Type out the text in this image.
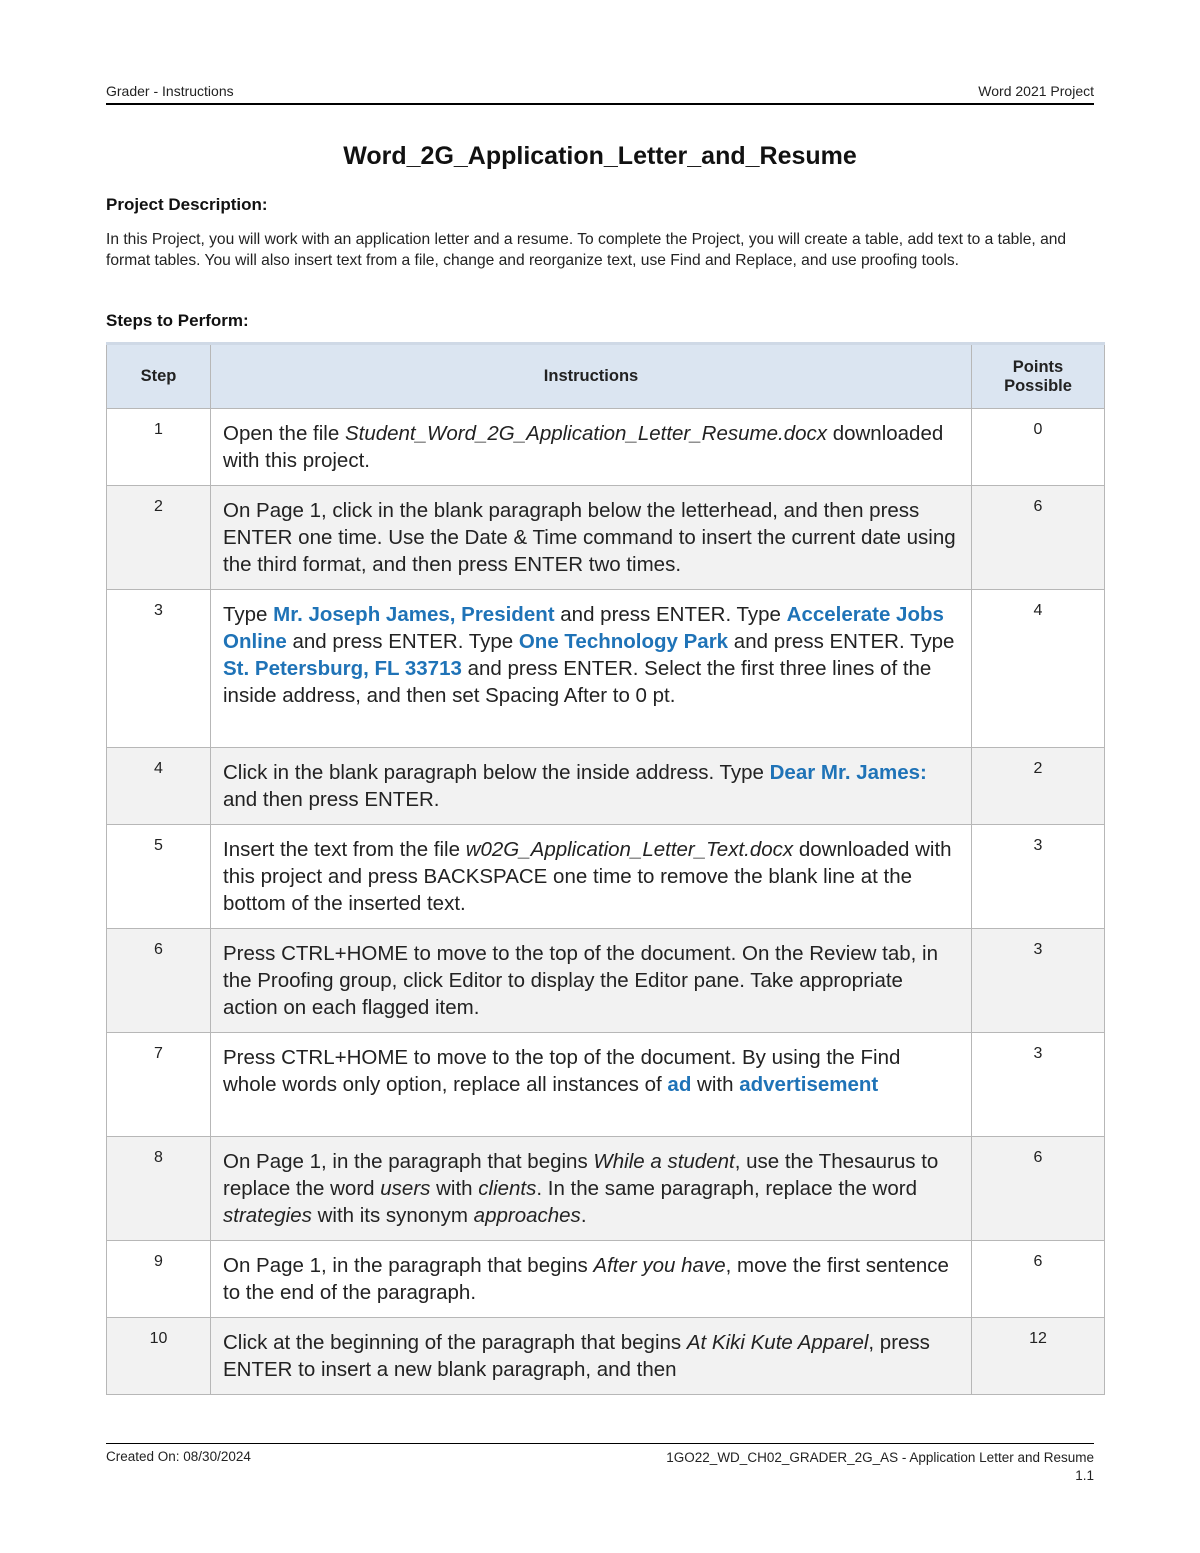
Grader - Instructions	Word 2021 Project
Word_2G_Application_Letter_and_Resume
Project Description:
In this Project, you will work with an application letter and a resume. To complete the Project, you will create a table, add text to a table, and format tables. You will also insert text from a file, change and reorganize text, use Find and Replace, and use proofing tools.
Steps to Perform:
Step	Instructions	Points
Possible
1	Open the file Student_Word_2G_Application_Letter_Resume.docx downloaded with this project.	0
2	On Page 1, click in the blank paragraph below the letterhead, and then press ENTER one time. Use the Date & Time command to insert the current date using the third format, and then press ENTER two times.	6
3	Type Mr. Joseph James, President and press ENTER. Type Accelerate Jobs Online and press ENTER. Type One Technology Park and press ENTER. Type St. Petersburg, FL 33713 and press ENTER. Select the first three lines of the inside address, and then set Spacing After to 0 pt.	4
4	Click in the blank paragraph below the inside address. Type Dear Mr. James: and then press ENTER.	2
5	Insert the text from the file w02G_Application_Letter_Text.docx downloaded with this project and press BACKSPACE one time to remove the blank line at the bottom of the inserted text.	3
6	Press CTRL+HOME to move to the top of the document. On the Review tab, in the Proofing group, click Editor to display the Editor pane. Take appropriate action on each flagged item.	3
7	Press CTRL+HOME to move to the top of the document. By using the Find whole words only option, replace all instances of ad with advertisement	3
8	On Page 1, in the paragraph that begins While a student, use the Thesaurus to replace the word users with clients. In the same paragraph, replace the word strategies with its synonym approaches.	6
9	On Page 1, in the paragraph that begins After you have, move the first sentence to the end of the paragraph.	6
10	Click at the beginning of the paragraph that begins At Kiki Kute Apparel, press ENTER to insert a new blank paragraph, and then	12
Created On: 08/30/2024	1GO22_WD_CH02_GRADER_2G_AS - Application Letter and Resume
1.1
